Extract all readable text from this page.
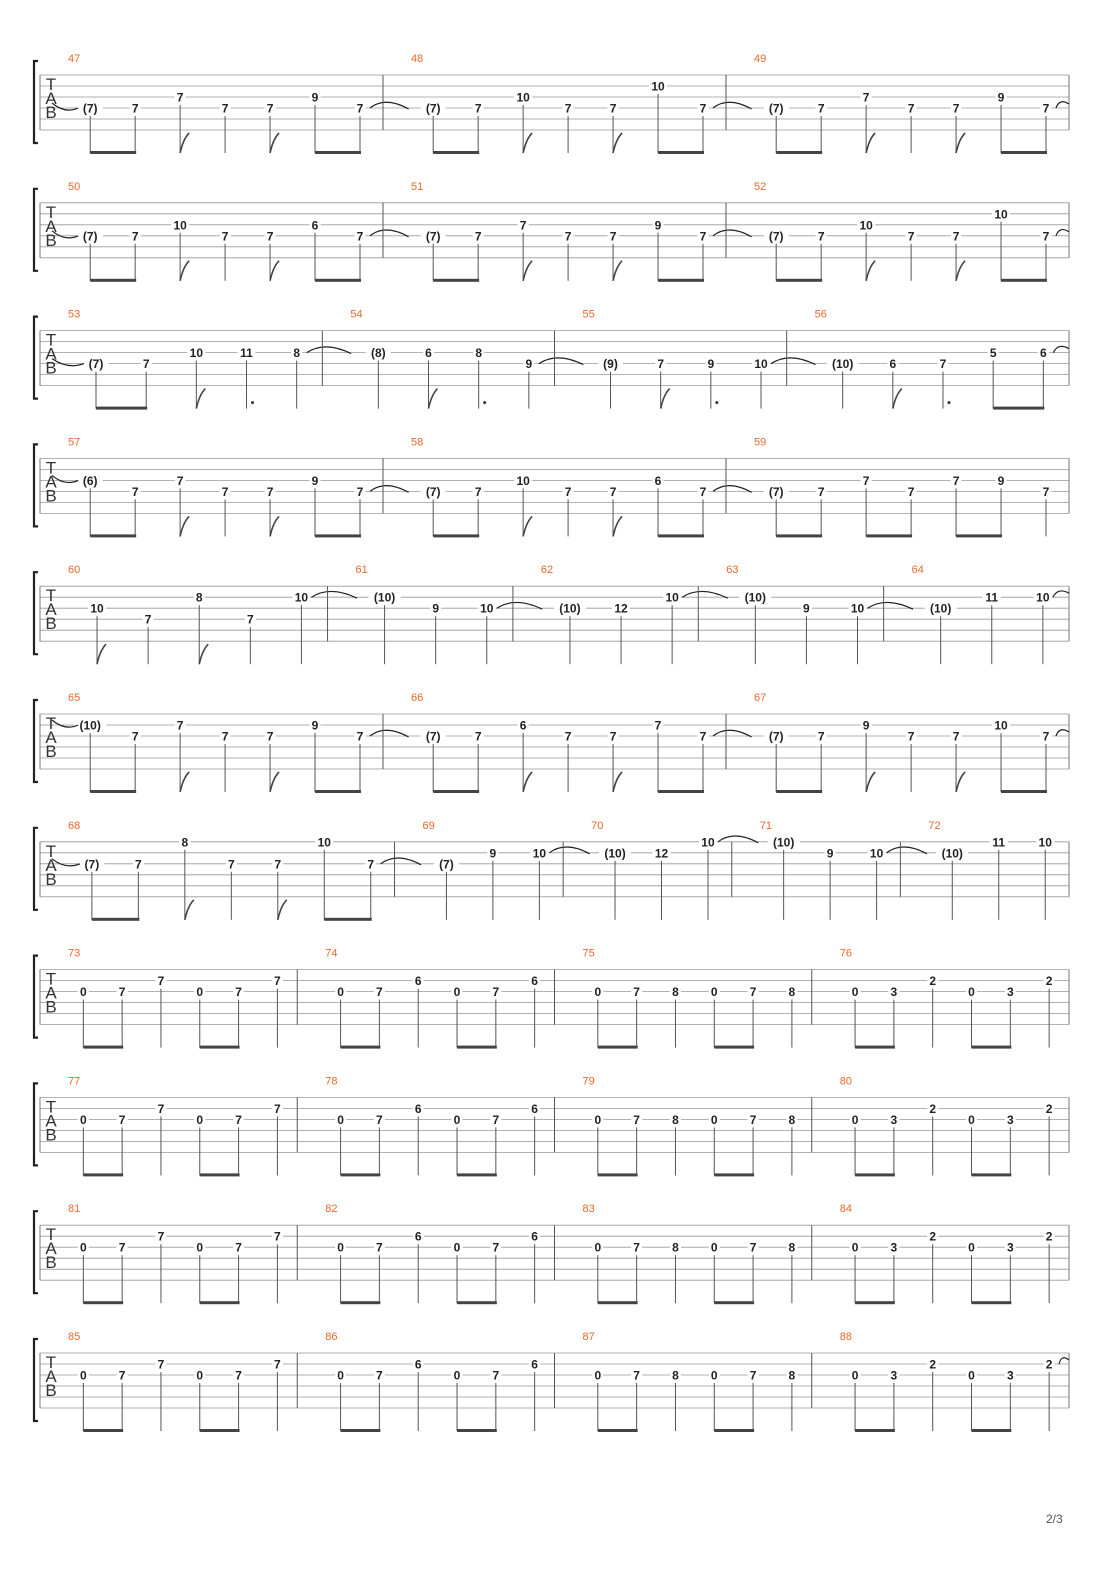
T
A
B
47
(7)	7
7
7	7
9
7
48
(7)	7
10
7	7
10
7
49
(7)	7
7
7	7
9
7
T
A
B
50
(7)	7
10
7	7
6
7
51
(7)	7
7
7	7
9
7
52
(7)	7
10
7	7
10
7
T
A
B
53
(7)	7
10	11	8
54
(8)	6	8
9
55
(9)	7	9	10
56
(10)	6	7
5	6
T
A
B
57
(6)
7
7
7	7
9
7
58
(7)	7
10
7	7
6
7
59
(7)	7
7
7
7	9
7
T
A
B
60
10
7
8
7
10
61
(10)
9	10
62
(10)	12
10
63
(10)
9	10
64
(10)
11	10
T
A
B
65
(10)
7
7
7	7
9
7
66
(7)	7
6
7	7
7
7
67
(7)	7
9
7	7
10
7
T
A
B
68
(7)	7
8
7	7
10
7
69
(7)
9	10
70
(10) 12
10
71
(10)
9	10
72
(10)
11	10
T
A
B
73
0	7
7
0	7
7
74
0	7
6
0	7
6
75
0	7	8	0	7	8
76
0	3
2
0	3
2
T
A
B
77
0	7
7
0	7
7
78
0	7
6
0	7
6
79
0	7	8	0	7	8
80
0	3
2
0	3
2
T
A
B
81
0	7
7
0	7
7
82
0	7
6
0	7
6
83
0	7	8	0	7	8
84
0	3
2
0	3
2
T
A
B
85
0	7
7
0	7
7
86
0	7
6
0	7
6
87
0	7	8	0	7	8
88
0	3
2
0	3
2
2/3
